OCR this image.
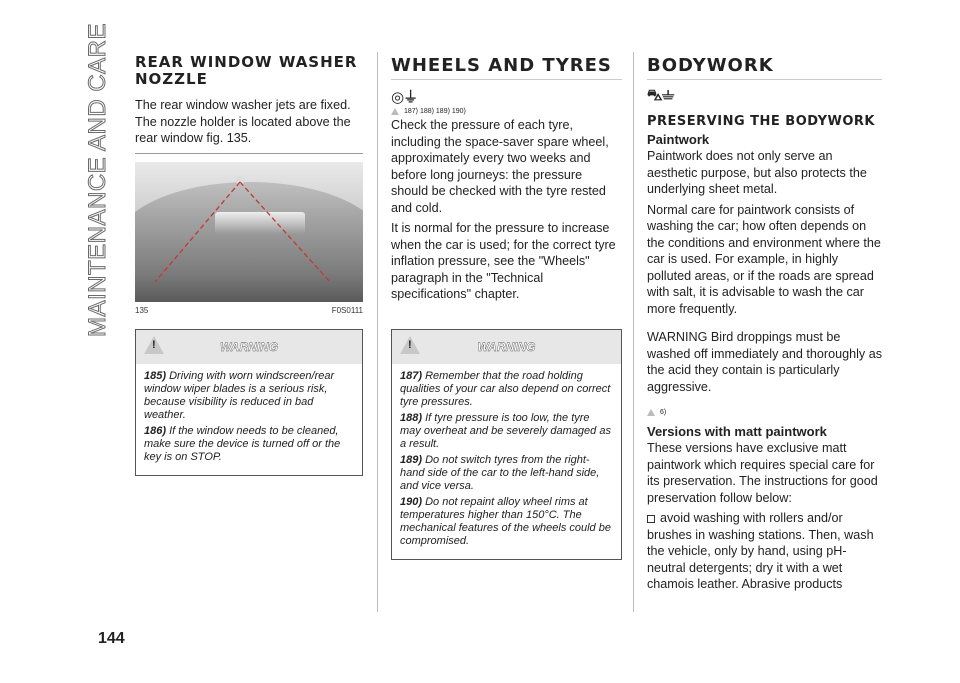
MAINTENANCE AND CARE REAR WINDOW WASHER NOZZLE

The rear window washer jets are fixed. The nozzle holder is located above the rear window fig. 135.

135	F0S0111
!	WARNING

185) Driving with worn windscreen/rear window wiper blades is a serious risk, because visibility is reduced in bad weather.

186) If the window needs to be cleaned, make sure the device is turned off or the key is on STOP.

WHEELS AND TYRES
◎⏚
187) 188) 189) 190)

Check the pressure of each tyre, including the space-saver spare wheel, approximately every two weeks and before long journeys: the pressure should be checked with the tyre rested and cold.

It is normal for the pressure to increase when the car is used; for the correct tyre inflation pressure, see the "Wheels" paragraph in the "Technical specifications" chapter.

!	WARNING

187) Remember that the road holding qualities of your car also depend on correct tyre pressures.

188) If tyre pressure is too low, the tyre may overheat and be severely damaged as a result.

189) Do not switch tyres from the right-hand side of the car to the left-hand side, and vice versa.

190) Do not repaint alloy wheel rims at temperatures higher than 150°C. The mechanical features of the wheels could be compromised.

BODYWORK
⛍⏚
PRESERVING THE BODYWORK
Paintwork

Paintwork does not only serve an aesthetic purpose, but also protects the underlying sheet metal.

Normal care for paintwork consists of washing the car; how often depends on the conditions and environment where the car is used. For example, in highly polluted areas, or if the roads are spread with salt, it is advisable to wash the car more frequently.

WARNING Bird droppings must be washed off immediately and thoroughly as the acid they contain is particularly aggressive.

6)
Versions with matt paintwork

These versions have exclusive matt paintwork which requires special care for its preservation. The instructions for good preservation follow below:

avoid washing with rollers and/or brushes in washing stations. Then, wash the vehicle, only by hand, using pH-neutral detergents; dry it with a wet chamois leather. Abrasive products
144
